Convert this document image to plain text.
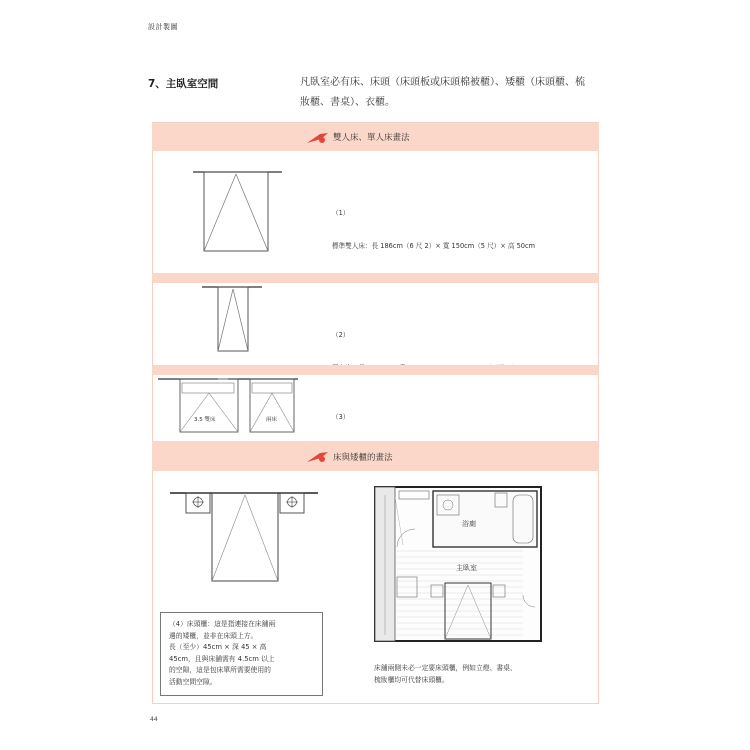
設計製圖
7、主臥室空間	凡臥室必有床、床頭（床頭板或床頭棉被櫃）、矮櫃（床頭櫃、梳
妝櫃、書桌）、衣櫃。
雙人床、單人床畫法

（1）

標準雙人床：長 186cm（6 尺 2）× 寬 150cm（5 尺）× 高 50cm

（2）

3.5 雙床	兩床

	（3）

床與矮櫃的畫法
（4）床頭櫃：這是指連接在床舖兩
邊的矮櫃，並非在床頭上方。
長（至少）45cm × 深 45 × 高
45cm，且與床舖需有 4.5cm 以上
的空隙，這是包床單所需要使用的
活動空間空隙。
浴廁
主臥室
床舖兩側未必一定要床頭櫃，例如立燈、書桌、
梳妝櫃均可代替床頭櫃。
44
